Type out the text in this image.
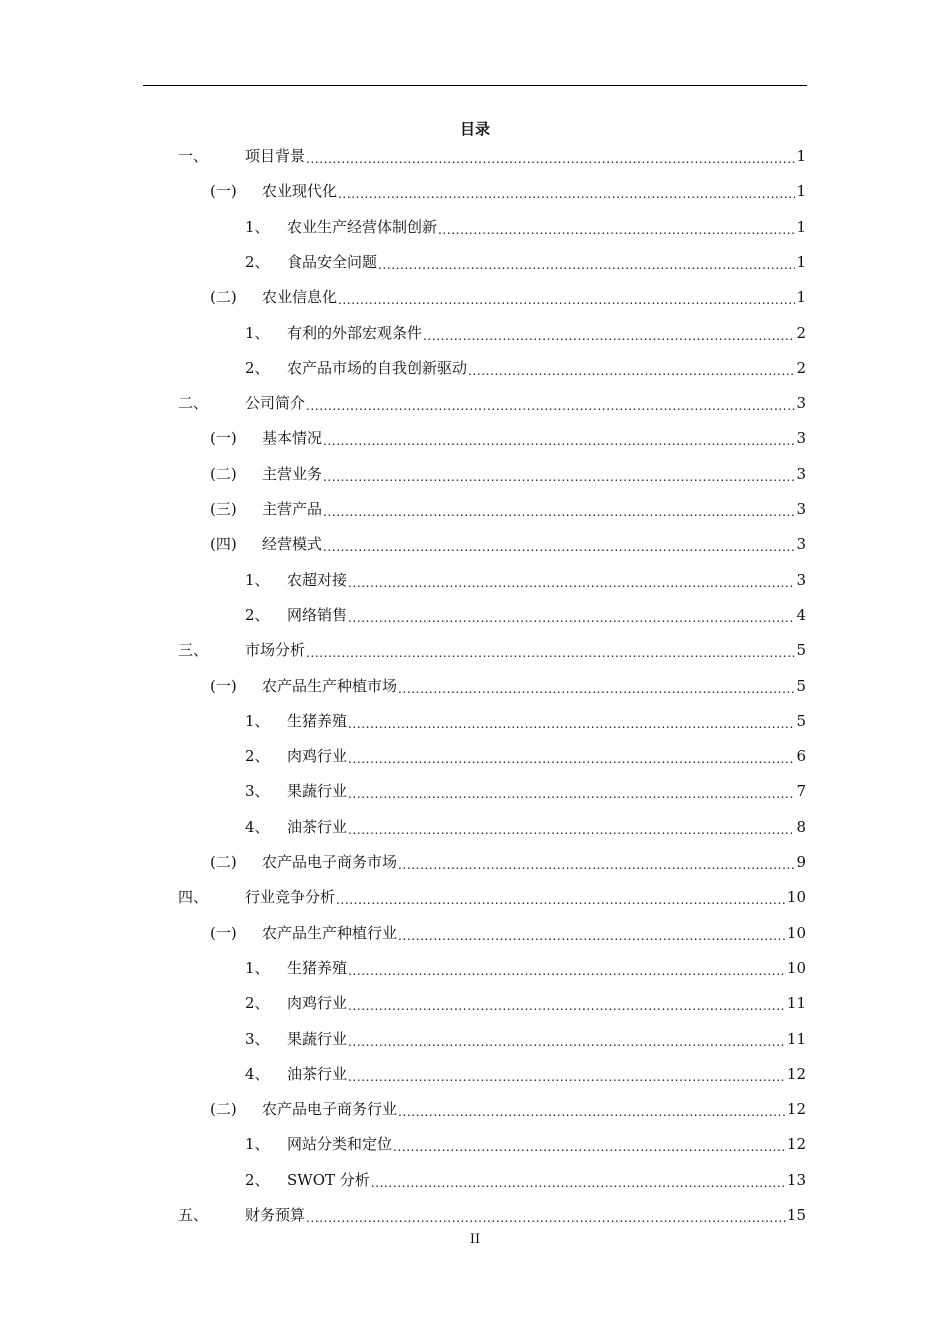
目录
一、	项目背景 .....	1
(一)	农业现代化 .....	1
1、	农业生产经营体制创新 .....	1
2、	食品安全问题 .....	1
(二)	农业信息化 .....	1
1、	有利的外部宏观条件 .....	2
2、	农产品市场的自我创新驱动 .....	2
二、	公司简介 .....	3
(一)	基本情况 .....	3
(二)	主营业务 .....	3
(三)	主营产品 .....	3
(四)	经营模式 .....	3
1、	农超对接 .....	3
2、	网络销售 .....	4
三、	市场分析 .....	5
(一)	农产品生产种植市场 .....	5
1、	生猪养殖 .....	5
2、	肉鸡行业 .....	6
3、	果蔬行业 .....	7
4、	油茶行业 .....	8
(二)	农产品电子商务市场 .....	9
四、	行业竞争分析 .....	10
(一)	农产品生产种植行业 .....	10
1、	生猪养殖 .....	10
2、	肉鸡行业 .....	11
3、	果蔬行业 .....	11
4、	油茶行业 .....	12
(二)	农产品电子商务行业 .....	12
1、	网站分类和定位 .....	12
2、	SWOT 分析 .....	13
五、	财务预算 .....	15
II
